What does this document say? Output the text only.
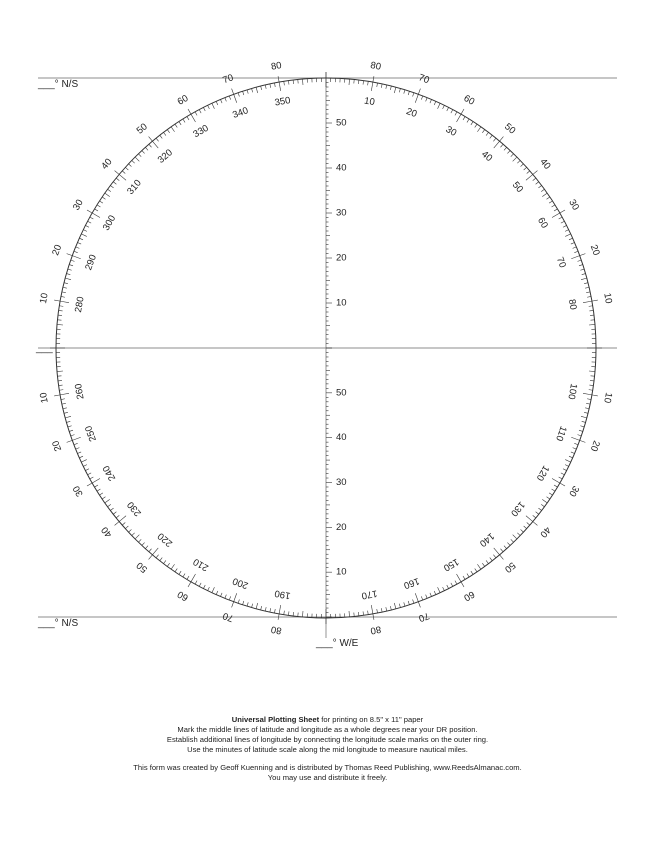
10
20
30
40
50
60
70
80
100
110
120
130
140
150
160
170
190
200
210
220
230
240
250
260
280
290
300
310
320
330
340
350
80
70
60
50
40
30
20
10
10
20
30
40
50
60
70
80
10
20
30
40
50
60
70
80
10
20
30
40
50
60
70
80
50
40
30
20
10
50
40
30
20
10
___° N/S
___° N/S
___
___° W/E

Universal Plotting Sheet for printing on 8.5" x 11" paper

Mark the middle lines of latitude and longitude as a whole degrees near your DR position.

Establish additional lines of longitude by connecting the longitude scale marks on the outer ring.

Use the minutes of latitude scale along the mid longitude to measure nautical miles.

This form was created by Geoff Kuenning and is distributed by Thomas Reed Publishing, www.ReedsAlmanac.com.

You may use and distribute it freely.
